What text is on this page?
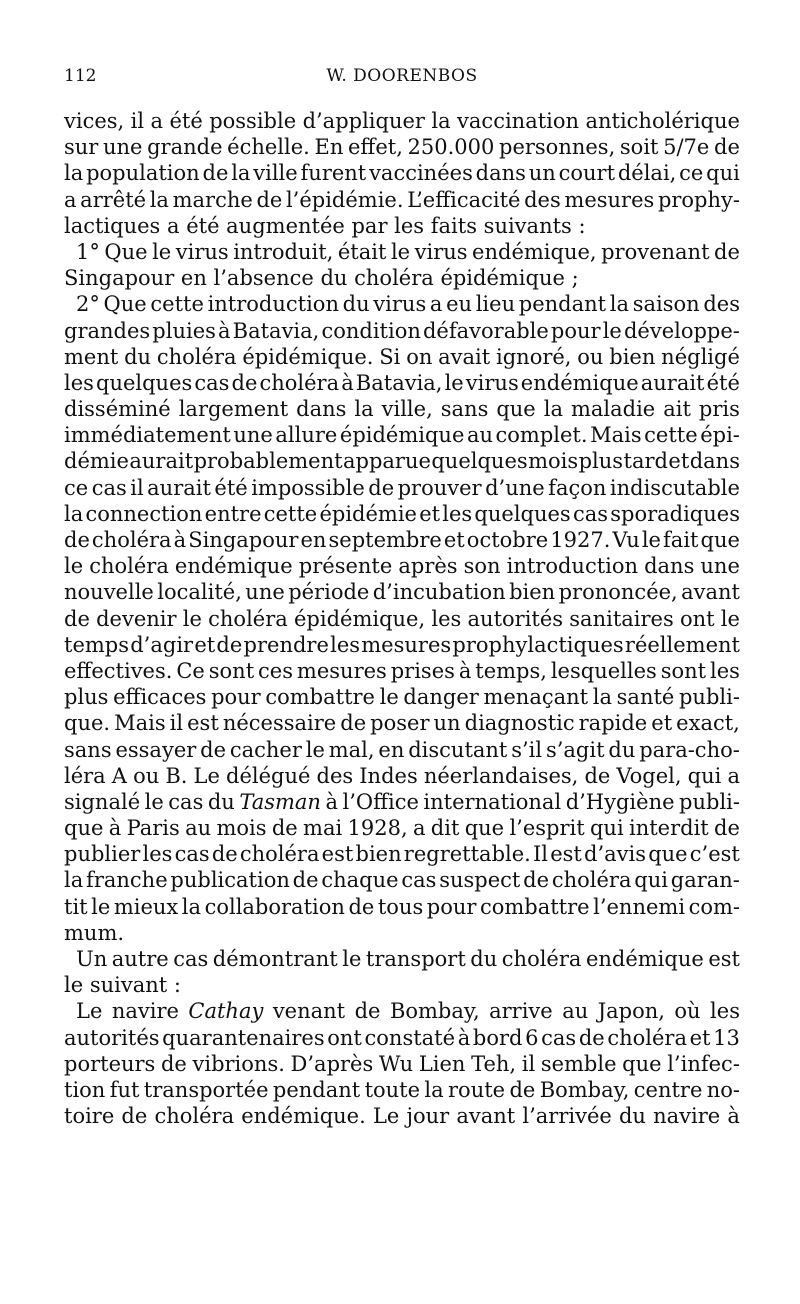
112	W. DOORENBOS
vices, il a été possible d’appliquer la vaccination anticholérique
sur une grande échelle. En effet, 250.000 personnes, soit 5/7e de
la population de la ville furent vaccinées dans un court délai, ce qui
a arrêté la marche de l’épidémie. L’efficacité des mesures prophy-
lactiques a été augmentée par les faits suivants :
1° Que le virus introduit, était le virus endémique, provenant de
Singapour en l’absence du choléra épidémique ;
2° Que cette introduction du virus a eu lieu pendant la saison des
grandes pluies à Batavia, condition défavorable pour le développe-
ment du choléra épidémique. Si on avait ignoré, ou bien négligé
les quelques cas de choléra à Batavia, le virus endémique aurait été
disséminé largement dans la ville, sans que la maladie ait pris
immédiatement une allure épidémique au complet. Mais cette épi-
démie aurait probablement apparue quelques mois plus tard et dans
ce cas il aurait été impossible de prouver d’une façon indiscutable
la connection entre cette épidémie et les quelques cas sporadiques
de choléra à Singapour en septembre et octobre 1927. Vu le fait que
le choléra endémique présente après son introduction dans une
nouvelle localité, une période d’incubation bien prononcée, avant
de devenir le choléra épidémique, les autorités sanitaires ont le
temps d’agir et de prendre les mesures prophylactiques réellement
effectives. Ce sont ces mesures prises à temps, lesquelles sont les
plus efficaces pour combattre le danger menaçant la santé publi-
que. Mais il est nécessaire de poser un diagnostic rapide et exact,
sans essayer de cacher le mal, en discutant s’il s’agit du para-cho-
léra A ou B. Le délégué des Indes néerlandaises, de Vogel, qui a
signalé le cas du Tasman à l’Office international d’Hygiène publi-
que à Paris au mois de mai 1928, a dit que l’esprit qui interdit de
publier les cas de choléra est bien regrettable. Il est d’avis que c’est
la franche publication de chaque cas suspect de choléra qui garan-
tit le mieux la collaboration de tous pour combattre l’ennemi com-
mum.
Un autre cas démontrant le transport du choléra endémique est
le suivant :
Le navire Cathay venant de Bombay, arrive au Japon, où les
autorités quarantenaires ont constaté à bord 6 cas de choléra et 13
porteurs de vibrions. D’après Wu Lien Teh, il semble que l’infec-
tion fut transportée pendant toute la route de Bombay, centre no-
toire de choléra endémique. Le jour avant l’arrivée du navire à
